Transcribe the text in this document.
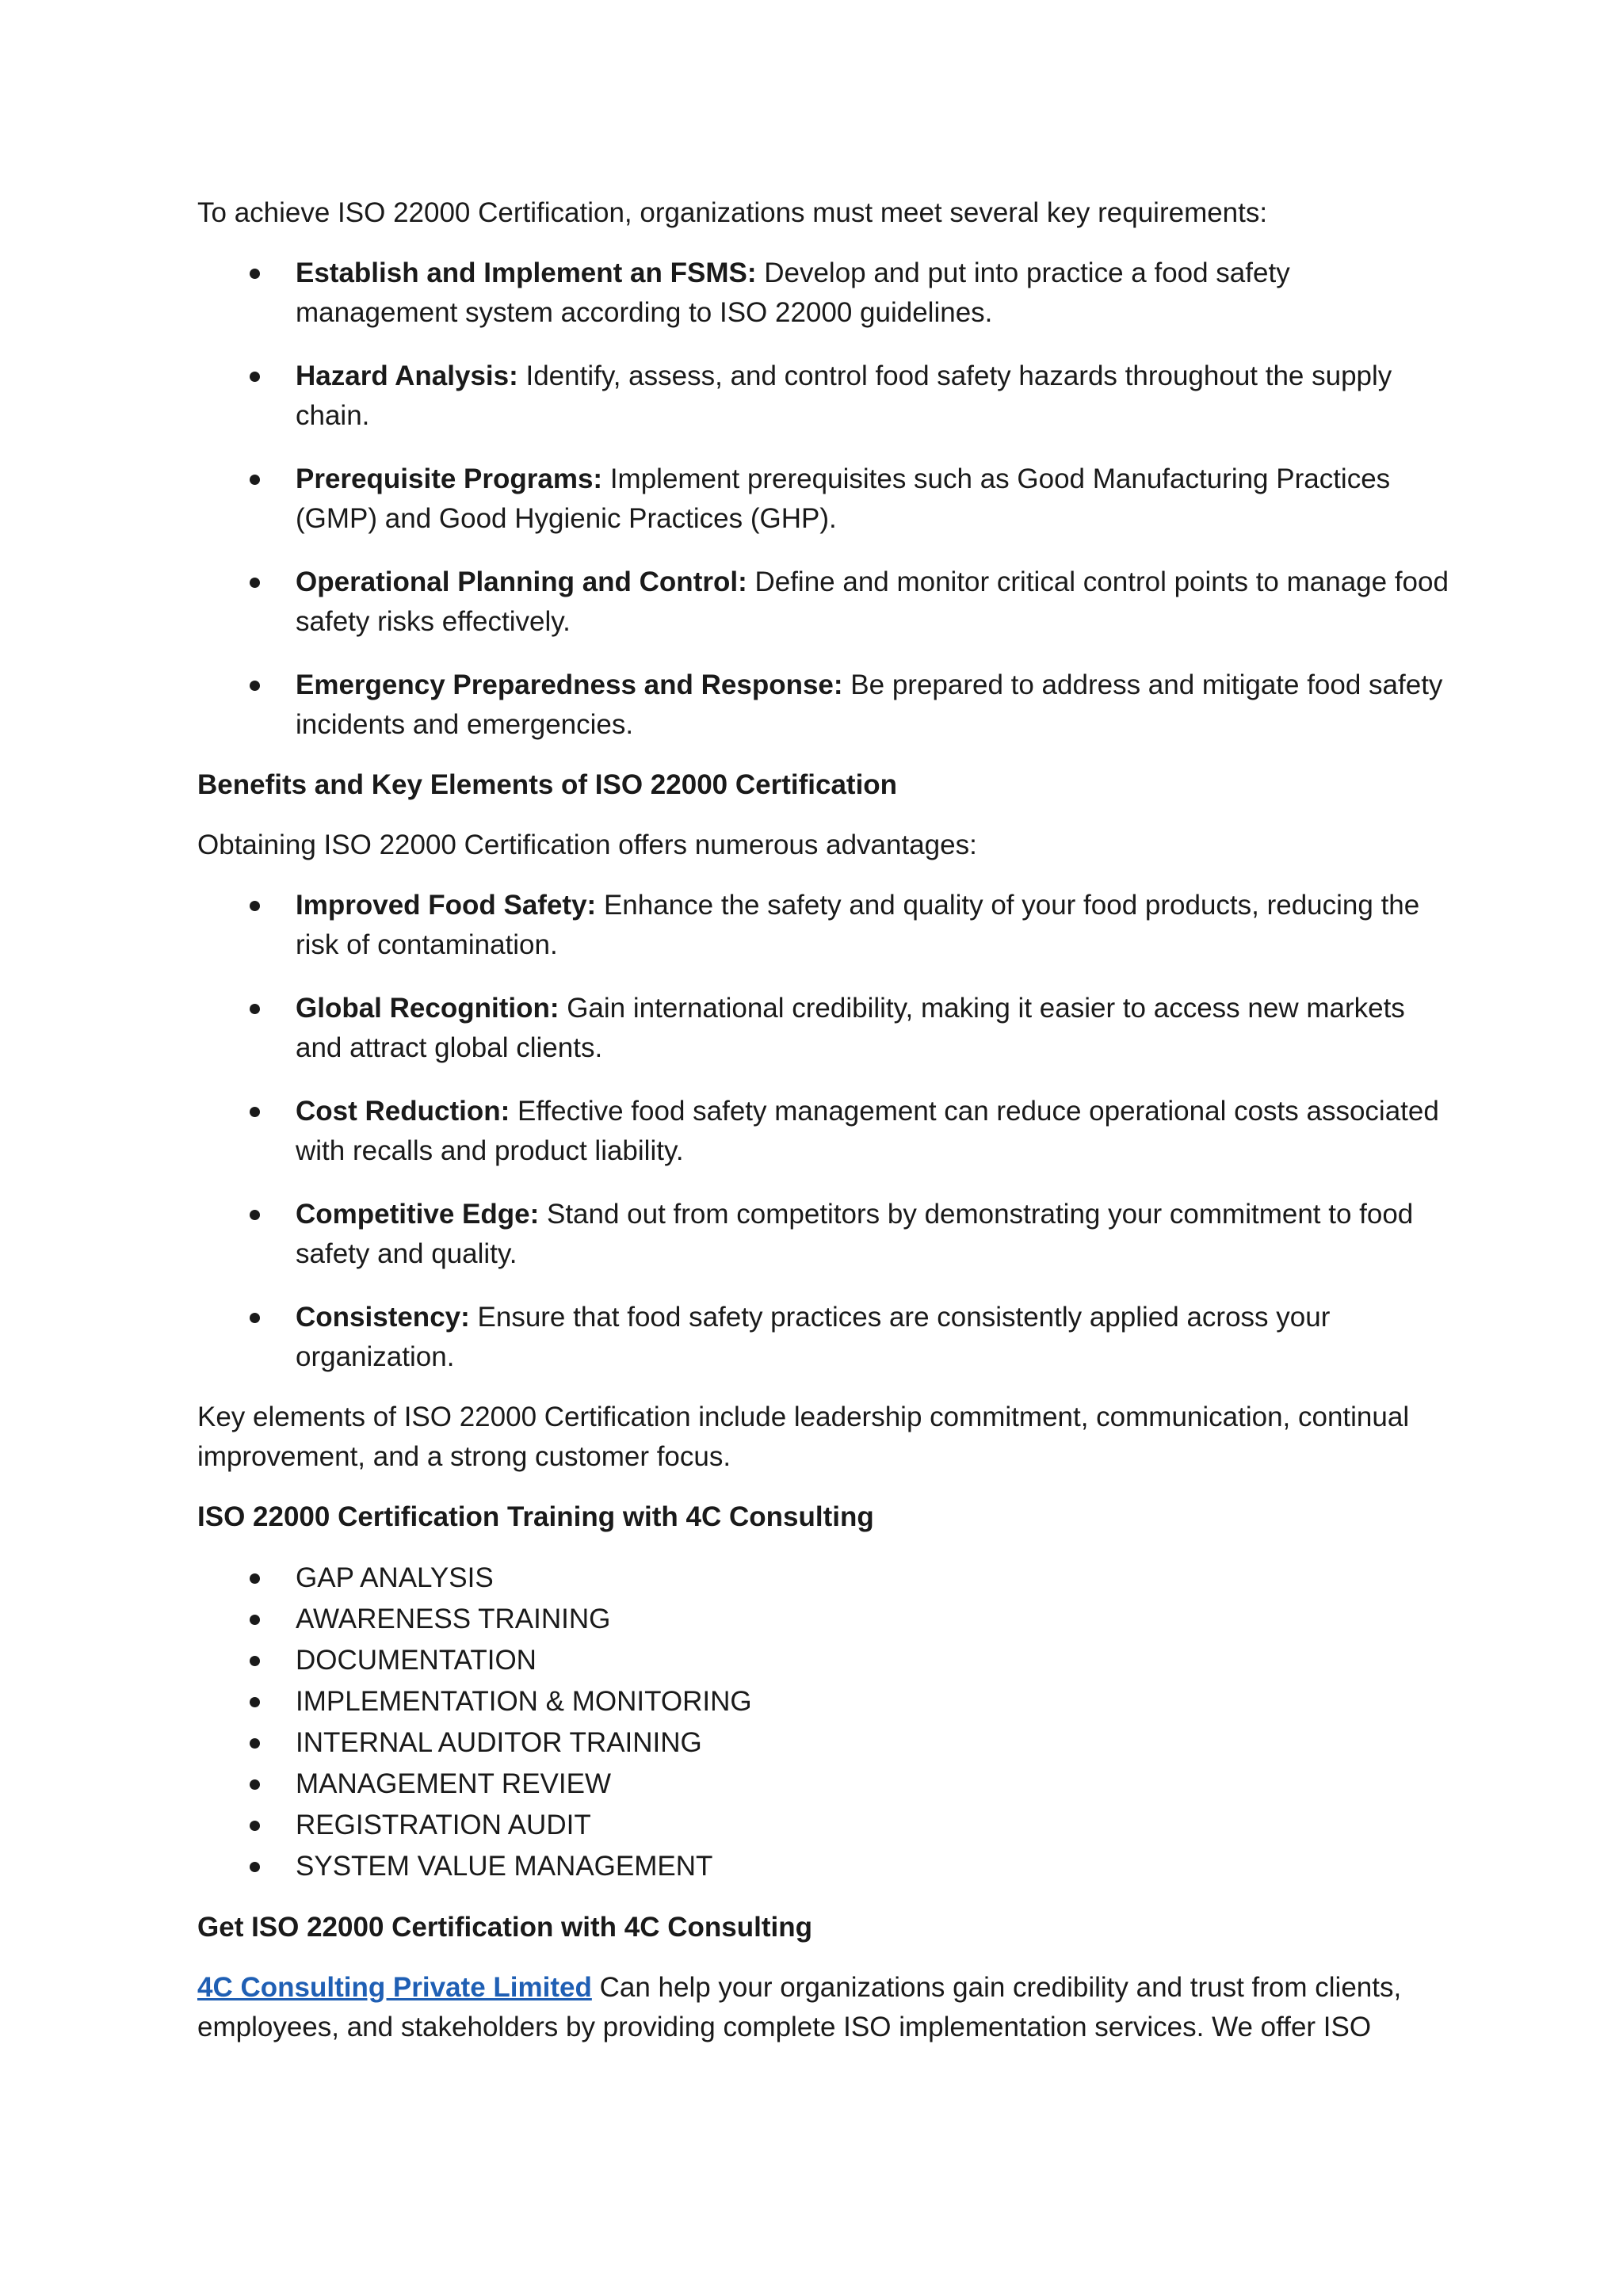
To achieve ISO 22000 Certification, organizations must meet several key requirements:

Establish and Implement an FSMS: Develop and put into practice a food safety management system according to ISO 22000 guidelines.
Hazard Analysis: Identify, assess, and control food safety hazards throughout the supply chain.
Prerequisite Programs: Implement prerequisites such as Good Manufacturing Practices (GMP) and Good Hygienic Practices (GHP).
Operational Planning and Control: Define and monitor critical control points to manage food safety risks effectively.
Emergency Preparedness and Response: Be prepared to address and mitigate food safety incidents and emergencies.

Benefits and Key Elements of ISO 22000 Certification

Obtaining ISO 22000 Certification offers numerous advantages:

Improved Food Safety: Enhance the safety and quality of your food products, reducing the risk of contamination.
Global Recognition: Gain international credibility, making it easier to access new markets and attract global clients.
Cost Reduction: Effective food safety management can reduce operational costs associated with recalls and product liability.
Competitive Edge: Stand out from competitors by demonstrating your commitment to food safety and quality.
Consistency: Ensure that food safety practices are consistently applied across your organization.

Key elements of ISO 22000 Certification include leadership commitment, communication, continual improvement, and a strong customer focus.

ISO 22000 Certification Training with 4C Consulting

GAP ANALYSIS
AWARENESS TRAINING
DOCUMENTATION
IMPLEMENTATION & MONITORING
INTERNAL AUDITOR TRAINING
MANAGEMENT REVIEW
REGISTRATION AUDIT
SYSTEM VALUE MANAGEMENT

Get ISO 22000 Certification with 4C Consulting

4C Consulting Private Limited Can help your organizations gain credibility and trust from clients, employees, and stakeholders by providing complete ISO implementation services. We offer ISO
